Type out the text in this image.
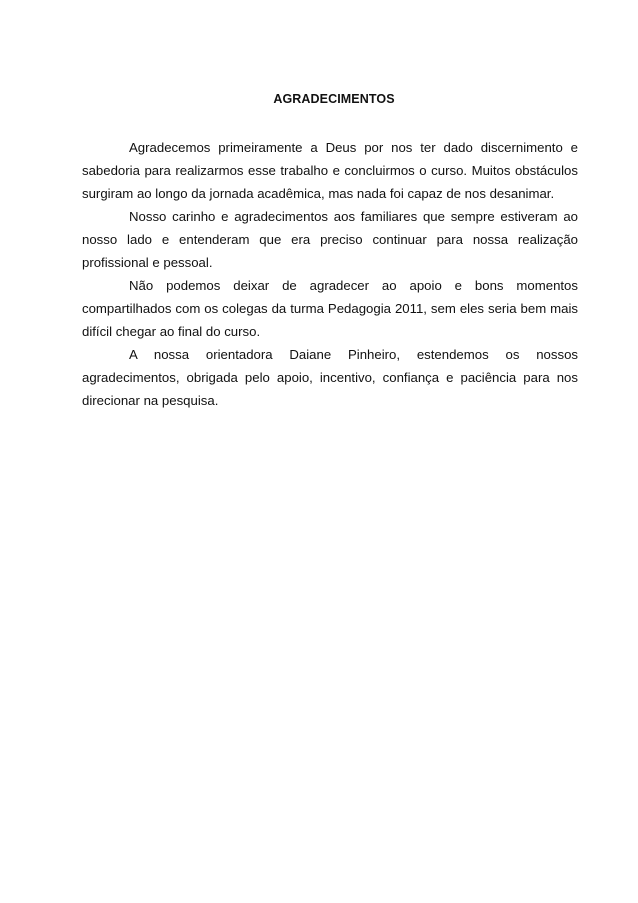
AGRADECIMENTOS

Agradecemos primeiramente a Deus por nos ter dado discernimento e sabedoria para realizarmos esse trabalho e concluirmos o curso. Muitos obstáculos surgiram ao longo da jornada acadêmica, mas nada foi capaz de nos desanimar.

Nosso carinho e agradecimentos aos familiares que sempre estiveram ao nosso lado e entenderam que era preciso continuar para nossa realização profissional e pessoal.

Não podemos deixar de agradecer ao apoio e bons momentos compartilhados com os colegas da turma Pedagogia 2011, sem eles seria bem mais difícil chegar ao final do curso.

A nossa orientadora Daiane Pinheiro, estendemos os nossos agradecimentos, obrigada pelo apoio, incentivo, confiança e paciência para nos direcionar na pesquisa.
